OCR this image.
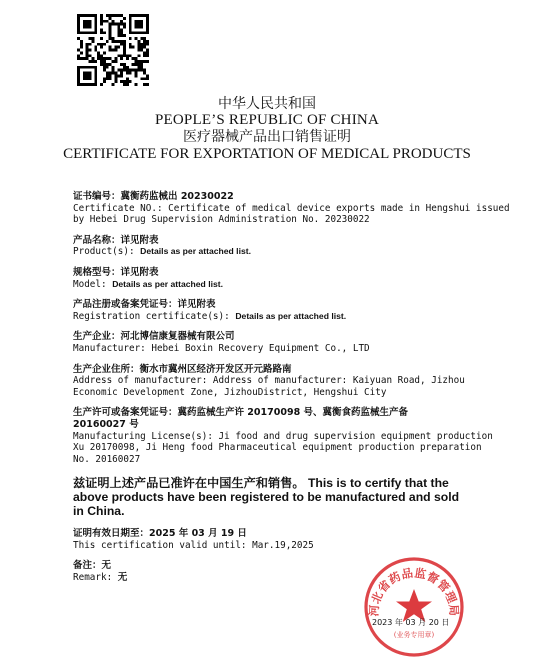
中华人民共和国
PEOPLE’S REPUBLIC OF CHINA
医疗器械产品出口销售证明
CERTIFICATE FOR EXPORTATION OF MEDICAL PRODUCTS
证书编号：冀衡药监械出 20230022
Certificate NO.: Certificate of medical device exports made in Hengshui issued
by Hebei Drug Supervision Administration No. 20230022
产品名称：详见附表
Product(s): Details as per attached list.
规格型号：详见附表
Model: Details as per attached list.
产品注册或备案凭证号：详见附表
Registration certificate(s): Details as per attached list.
生产企业：河北博信康复器械有限公司
Manufacturer: Hebei Boxin Recovery Equipment Co., LTD
生产企业住所：衡水市冀州区经济开发区开元路路南
Address of manufacturer: Address of manufacturer: Kaiyuan Road, Jizhou
Economic Development Zone, JizhouDistrict, Hengshui City
生产许可或备案凭证号：冀药监械生产许 20170098 号、冀衡食药监械生产备
20160027 号
Manufacturing License(s): Ji food and drug supervision equipment production
Xu 20170098, Ji Heng food Pharmaceutical equipment production preparation
No. 20160027
兹证明上述产品已准许在中国生产和销售。 This is to certify that the above products have been registered to be manufactured and sold in China.
证明有效日期至：2025 年 03 月 19 日
This certification valid until: Mar.19,2025
备注：无
Remark: 无
河北省药品监督管理局
(业务专用章)
2023 年 03 月 20 日
